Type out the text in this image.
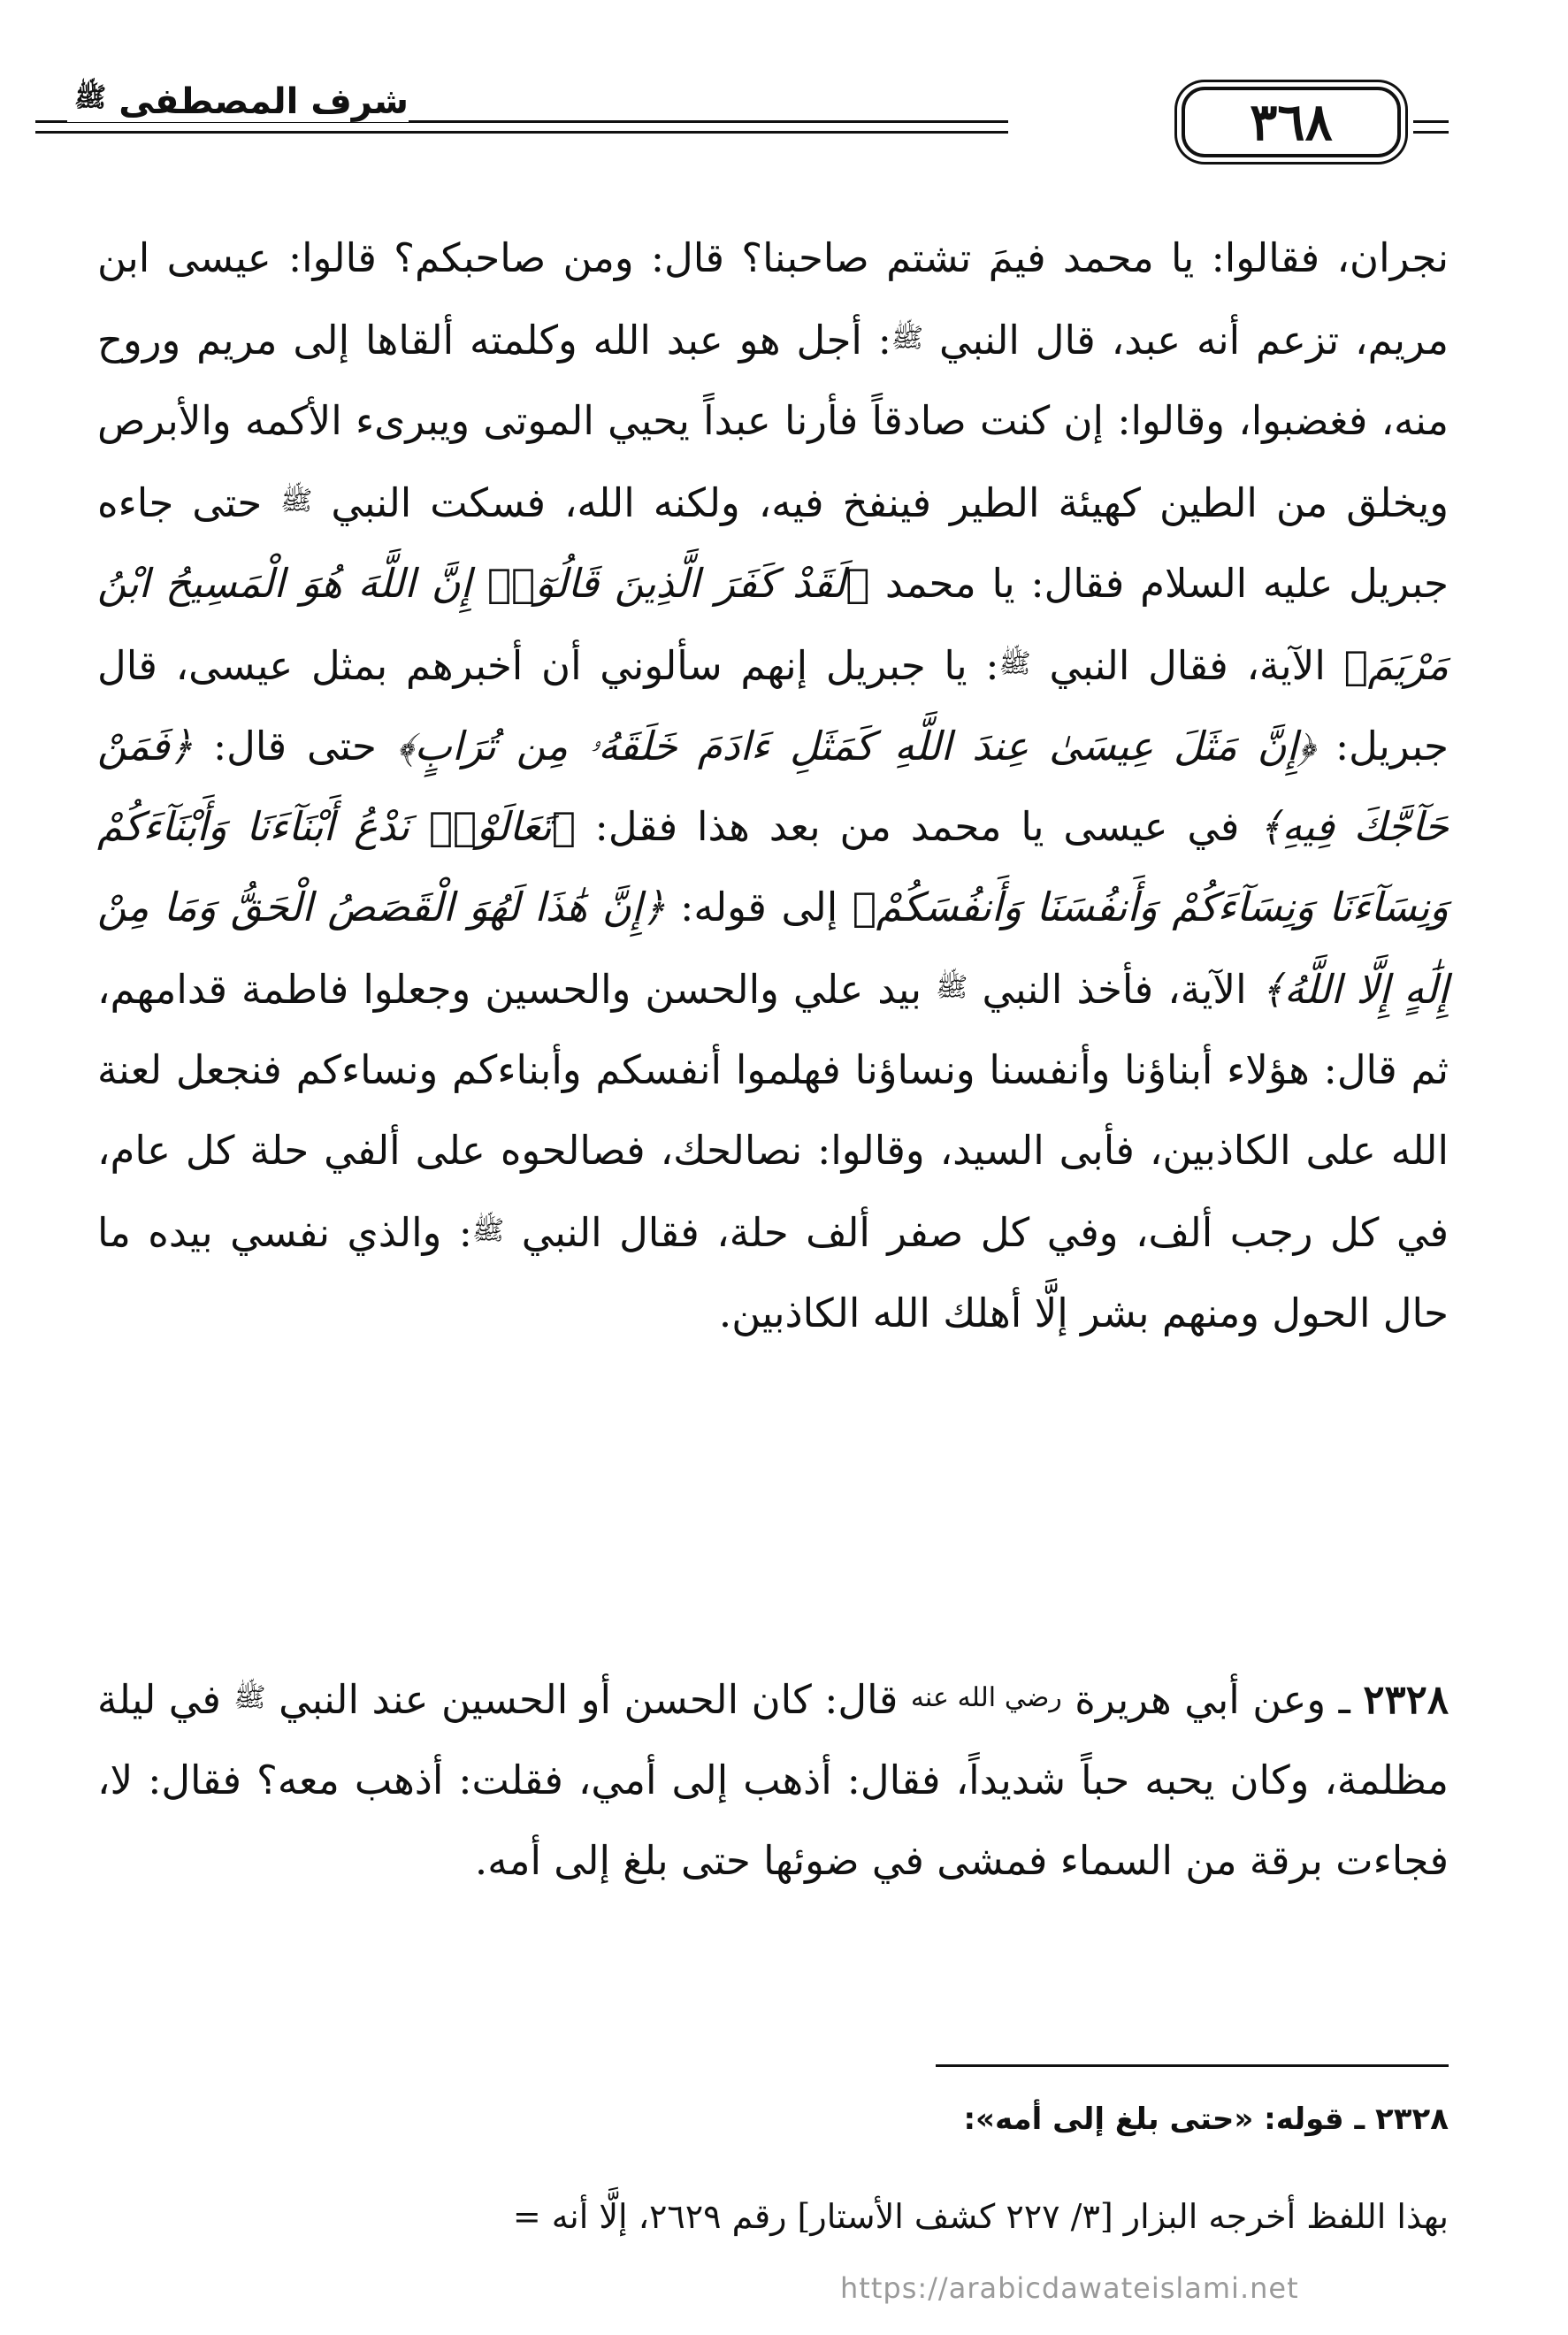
شرف المصطفى $^ﷺ$	٣٦٨

نجران، فقالوا: يا محمد فيمَ تشتم صاحبنا؟ قال: ومن صاحبكم؟ قالوا: عيسى ابن مريم، تزعم أنه عبد، قال النبي ﷺ: أجل هو عبد الله وكلمته ألقاها إلى مريم وروح منه، فغضبوا، وقالوا: إن كنت صادقاً فأرنا عبداً يحيي الموتى ويبرىء الأكمه والأبرص ويخلق من الطين كهيئة الطير فينفخ فيه، ولكنه الله، فسكت النبي ﷺ حتى جاءه جبريل عليه السلام فقال: يا محمد ﴿لَقَدْ كَفَرَ الَّذِينَ قَالُوٓا۟ إِنَّ اللَّهَ هُوَ الْمَسِيحُ ابْنُ مَرْيَمَ﴾ الآية، فقال النبي ﷺ: يا جبريل إنهم سألوني أن أخبرهم بمثل عيسى، قال جبريل: ﴿إِنَّ مَثَلَ عِيسَىٰ عِندَ اللَّهِ كَمَثَلِ ءَادَمَ خَلَقَهُۥ مِن تُرَابٍ﴾ حتى قال: ﴿فَمَنْ حَآجَّكَ فِيهِ﴾ في عيسى يا محمد من بعد هذا فقل: ﴿تَعَالَوْا۟ نَدْعُ أَبْنَآءَنَا وَأَبْنَآءَكُمْ وَنِسَآءَنَا وَنِسَآءَكُمْ وَأَنفُسَنَا وَأَنفُسَكُمْ﴾ إلى قوله: ﴿إِنَّ هَٰذَا لَهُوَ الْقَصَصُ الْحَقُّ وَمَا مِنْ إِلَٰهٍ إِلَّا اللَّهُ﴾ الآية، فأخذ النبي ﷺ بيد علي والحسن والحسين وجعلوا فاطمة قدامهم، ثم قال: هؤلاء أبناؤنا وأنفسنا ونساؤنا فهلموا أنفسكم وأبناءكم ونساءكم فنجعل لعنة الله على الكاذبين، فأبى السيد، وقالوا: نصالحك، فصالحوه على ألفي حلة كل عام، في كل رجب ألف، وفي كل صفر ألف حلة، فقال النبي ﷺ: والذي نفسي بيده ما حال الحول ومنهم بشر إلَّا أهلك الله الكاذبين.

٢٣٢٨ ـ وعن أبي هريرة رضي الله عنه قال: كان الحسن أو الحسين عند النبي ﷺ في ليلة مظلمة، وكان يحبه حباً شديداً، فقال: أذهب إلى أمي، فقلت: أذهب معه؟ فقال: لا، فجاءت برقة من السماء فمشى في ضوئها حتى بلغ إلى أمه.

٢٣٢٨ ـ قوله: «حتى بلغ إلى أمه»:
بهذا اللفظ أخرجه البزار [٣/ ٢٢٧ كشف الأستار] رقم ٢٦٢٩، إلَّا أنه =
https://arabicdawateislami.net
